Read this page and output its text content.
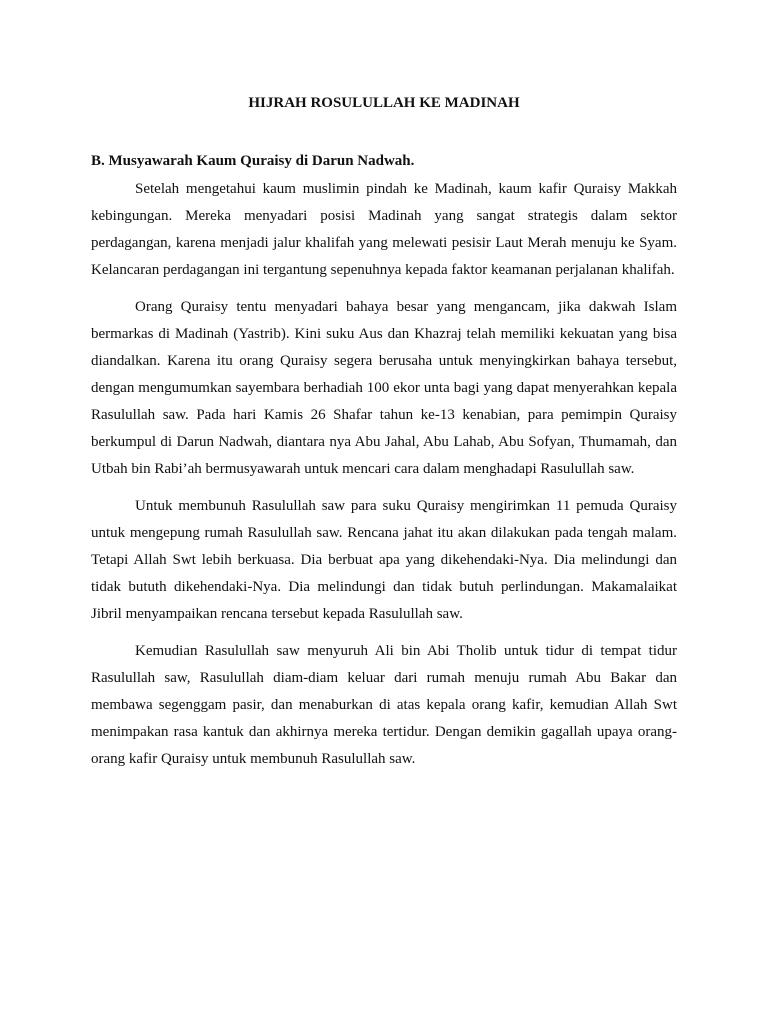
HIJRAH ROSULULLAH KE MADINAH

B. Musyawarah Kaum Quraisy di Darun Nadwah.

Setelah mengetahui kaum muslimin pindah ke Madinah, kaum kafir Quraisy Makkah kebingungan. Mereka menyadari posisi Madinah yang sangat strategis dalam sektor perdagangan, karena menjadi jalur khalifah yang melewati pesisir Laut Merah menuju ke Syam. Kelancaran perdagangan ini tergantung sepenuhnya kepada faktor keamanan perjalanan khalifah.

Orang Quraisy tentu menyadari bahaya besar yang mengancam, jika dakwah Islam bermarkas di Madinah (Yastrib). Kini suku Aus dan Khazraj telah memiliki kekuatan yang bisa diandalkan. Karena itu orang Quraisy segera berusaha untuk menyingkirkan bahaya tersebut, dengan mengumumkan sayembara berhadiah 100 ekor unta bagi yang dapat menyerahkan kepala Rasulullah saw. Pada hari Kamis 26 Shafar tahun ke-13 kenabian, para pemimpin Quraisy berkumpul di Darun Nadwah, diantara nya Abu Jahal, Abu Lahab, Abu Sofyan, Thumamah, dan Utbah bin Rabi’ah bermusyawarah untuk mencari cara dalam menghadapi Rasulullah saw.

Untuk membunuh Rasulullah saw para suku Quraisy mengirimkan 11 pemuda Quraisy untuk mengepung rumah Rasulullah saw. Rencana jahat itu akan dilakukan pada tengah malam. Tetapi Allah Swt lebih berkuasa. Dia berbuat apa yang dikehendaki-Nya. Dia melindungi dan tidak bututh dikehendaki-Nya. Dia melindungi dan tidak butuh perlindungan. Makamalaikat Jibril menyampaikan rencana tersebut kepada Rasulullah saw.

Kemudian Rasulullah saw menyuruh Ali bin Abi Tholib untuk tidur di tempat tidur Rasulullah saw, Rasulullah diam-diam keluar dari rumah menuju rumah Abu Bakar dan membawa segenggam pasir, dan menaburkan di atas kepala orang kafir, kemudian Allah Swt menimpakan rasa kantuk dan akhirnya mereka tertidur. Dengan demikin gagallah upaya orang-orang kafir Quraisy untuk membunuh Rasulullah saw.
